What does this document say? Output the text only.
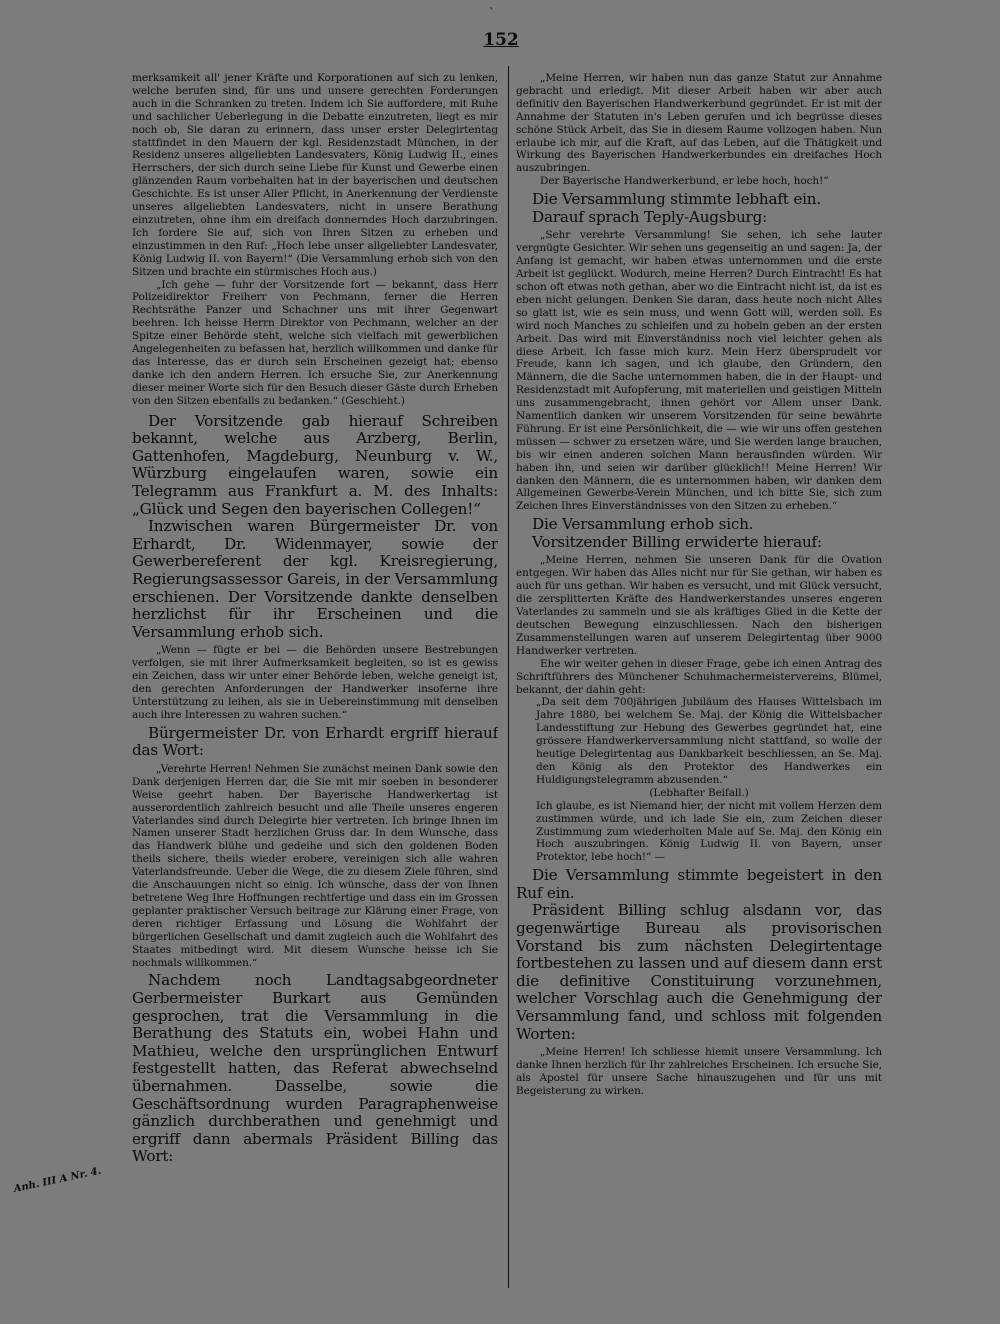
`
152
Anh. III A Nr. 4.

merksamkeit all' jener Kräfte und Korporationen auf sich zu lenken, welche berufen sind, für uns und unsere gerechten Forderungen auch in die Schranken zu treten. Indem ich Sie auffordere, mit Ruhe und sachlicher Ueberlegung in die Debatte einzutreten, liegt es mir noch ob, Sie daran zu erinnern, dass unser erster Delegirtentag stattfindet in den Mauern der kgl. Residenzstadt München, in der Residenz unseres allgeliebten Landesvaters, König Ludwig II., eines Herrschers, der sich durch seine Liebe für Kunst und Gewerbe einen glänzenden Raum vorbehalten hat in der bayerischen und deutschen Geschichte. Es ist unser Aller Pflicht, in Anerkennung der Verdienste unseres allgeliebten Landesvaters, nicht in unsere Berathung einzutreten, ohne ihm ein dreifach donnerndes Hoch darzubringen. Ich fordere Sie auf, sich von Ihren Sitzen zu erheben und einzustimmen in den Ruf: „Hoch lebe unser allgeliebter Landesvater, König Ludwig II. von Bayern!“ (Die Versammlung erhob sich von den Sitzen und brachte ein stürmisches Hoch aus.)

„Ich gehe — fuhr der Vorsitzende fort — bekannt, dass Herr Polizeidirektor Freiherr von Pechmann, ferner die Herren Rechtsräthe Panzer und Schachner uns mit ihrer Gegenwart beehren. Ich heisse Herrn Direktor von Pechmann, welcher an der Spitze einer Behörde steht, welche sich vielfach mit gewerblichen Angelegenheiten zu befassen hat, herzlich willkommen und danke für das Interesse, das er durch sein Erscheinen gezeigt hat; ebenso danke ich den andern Herren. Ich ersuche Sie, zur Anerkennung dieser meiner Worte sich für den Besuch dieser Gäste durch Erheben von den Sitzen ebenfalls zu bedanken.“ (Geschieht.)

Der Vorsitzende gab hierauf Schreiben bekannt, welche aus Arzberg, Berlin, Gattenhofen, Magdeburg, Neunburg v. W., Würzburg eingelaufen waren, sowie ein Telegramm aus Frankfurt a. M. des Inhalts: „Glück und Segen den bayerischen Collegen!“

Inzwischen waren Bürgermeister Dr. von Erhardt, Dr. Widenmayer, sowie der Gewerbereferent der kgl. Kreisregierung, Regierungsassessor Gareis, in der Versammlung erschienen. Der Vorsitzende dankte denselben herzlichst für ihr Erscheinen und die Versammlung erhob sich.

„Wenn — fügte er bei — die Behörden unsere Bestrebungen verfolgen, sie mit ihrer Aufmerksamkeit begleiten, so ist es gewiss ein Zeichen, dass wir unter einer Behörde leben, welche geneigt ist, den gerechten Anforderungen der Handwerker insoferne ihre Unterstützung zu leihen, als sie in Uebereinstimmung mit denselben auch ihre Interessen zu wahren suchen.“

Bürgermeister Dr. von Erhardt ergriff hierauf das Wort:

„Verehrte Herren! Nehmen Sie zunächst meinen Dank sowie den Dank derjenigen Herren dar, die Sie mit mir soeben in besonderer Weise geehrt haben. Der Bayerische Handwerkertag ist ausserordentlich zahlreich besucht und alle Theile unseres engeren Vaterlandes sind durch Delegirte hier vertreten. Ich bringe Ihnen im Namen unserer Stadt herzlichen Gruss dar. In dem Wunsche, dass das Handwerk blühe und gedeihe und sich den goldenen Boden theils sichere, theils wieder erobere, vereinigen sich alle wahren Vaterlandsfreunde. Ueber die Wege, die zu diesem Ziele führen, sind die Anschauungen nicht so einig. Ich wünsche, dass der von Ihnen betretene Weg Ihre Hoffnungen rechtfertige und dass ein im Grossen geplanter praktischer Versuch beitrage zur Klärung einer Frage, von deren richtiger Erfassung und Lösung die Wohlfahrt der bürgerlichen Gesellschaft und damit zugleich auch die Wohlfahrt des Staates mitbedingt wird. Mit diesem Wunsche heisse ich Sie nochmals willkommen.“

Nachdem noch Landtagsabgeordneter Gerbermeister Burkart aus Gemünden gesprochen, trat die Versammlung in die Berathung des Statuts ein, wobei Hahn und Mathieu, welche den ursprünglichen Entwurf festgestellt hatten, das Referat abwechselnd übernahmen. Dasselbe, sowie die Geschäftsordnung wurden Paragraphenweise gänzlich durchberathen und genehmigt und ergriff dann abermals Präsident Billing das Wort:

„Meine Herren, wir haben nun das ganze Statut zur Annahme gebracht und erledigt. Mit dieser Arbeit haben wir aber auch definitiv den Bayerischen Handwerkerbund gegründet. Er ist mit der Annahme der Statuten in's Leben gerufen und ich begrüsse dieses schöne Stück Arbeit, das Sie in diesem Raume vollzogen haben. Nun erlaube ich mir, auf die Kraft, auf das Leben, auf die Thätigkeit und Wirkung des Bayerischen Handwerkerbundes ein dreifaches Hoch auszubringen.

Der Bayerische Handwerkerbund, er lebe hoch, hoch!“

Die Versammlung stimmte lebhaft ein.

Darauf sprach Teply-Augsburg:

„Sehr verehrte Versammlung! Sie sehen, ich sehe lauter vergnügte Gesichter. Wir sehen uns gegenseitig an und sagen: Ja, der Anfang ist gemacht, wir haben etwas unternommen und die erste Arbeit ist geglückt. Wodurch, meine Herren? Durch Eintracht! Es hat schon oft etwas noth gethan, aber wo die Eintracht nicht ist, da ist es eben nicht gelungen. Denken Sie daran, dass heute noch nicht Alles so glatt ist, wie es sein muss, und wenn Gott will, werden soll. Es wird noch Manches zu schleifen und zu hobeln geben an der ersten Arbeit. Das wird mit Einverständniss noch viel leichter gehen als diese Arbeit. Ich fasse mich kurz. Mein Herz übersprudelt vor Freude, kann ich sagen, und ich glaube, den Gründern, den Männern, die die Sache unternommen haben, die in der Haupt- und Residenzstadt mit Aufopferung, mit materiellen und geistigen Mitteln uns zusammengebracht, ihnen gehört vor Allem unser Dank. Namentlich danken wir unserem Vorsitzenden für seine bewährte Führung. Er ist eine Persönlichkeit, die — wie wir uns offen gestehen müssen — schwer zu ersetzen wäre, und Sie werden lange brauchen, bis wir einen anderen solchen Mann herausfinden würden. Wir haben ihn, und seien wir darüber glücklich!! Meine Herren! Wir danken den Männern, die es unternommen haben, wir danken dem Allgemeinen Gewerbe-Verein München, und ich bitte Sie, sich zum Zeichen Ihres Einverständnisses von den Sitzen zu erheben.“

Die Versammlung erhob sich.

Vorsitzender Billing erwiderte hierauf:

„Meine Herren, nehmen Sie unseren Dank für die Ovation entgegen. Wir haben das Alles nicht nur für Sie gethan, wir haben es auch für uns gethan. Wir haben es versucht, und mit Glück versucht, die zersplitterten Kräfte des Handwerkerstandes unseres engeren Vaterlandes zu sammeln und sie als kräftiges Glied in die Kette der deutschen Bewegung einzuschliessen. Nach den bisherigen Zusammenstellungen waren auf unserem Delegirtentag über 9000 Handwerker vertreten.

Ehe wir weiter gehen in dieser Frage, gebe ich einen Antrag des Schriftführers des Münchener Schuhmachermeistervereins, Blümel, bekannt, der dahin geht:

„Da seit dem 700jährigen Jubiläum des Hauses Wittelsbach im Jahre 1880, bei welchem Se. Maj. der König die Wittelsbacher Landesstiftung zur Hebung des Gewerbes gegründet hat, eine grössere Handwerkerversammlung nicht stattfand, so wolle der heutige Delegirtentag aus Dankbarkeit beschliessen, an Se. Maj. den König als den Protektor des Handwerkes ein Huldigungstelegramm abzusenden.“

(Lebhafter Beifall.)

Ich glaube, es ist Niemand hier, der nicht mit vollem Herzen dem zustimmen würde, und ich lade Sie ein, zum Zeichen dieser Zustimmung zum wiederholten Male auf Se. Maj. den König ein Hoch auszubringen. König Ludwig II. von Bayern, unser Protektor, lebe hoch!“ —

Die Versammlung stimmte begeistert in den Ruf ein.

Präsident Billing schlug alsdann vor, das gegenwärtige Bureau als provisorischen Vorstand bis zum nächsten Delegirtentage fortbestehen zu lassen und auf diesem dann erst die definitive Constituirung vorzunehmen, welcher Vorschlag auch die Genehmigung der Versammlung fand, und schloss mit folgenden Worten:

„Meine Herren! Ich schliesse hiemit unsere Versammlung. Ich danke Ihnen herzlich für Ihr zahlreiches Erscheinen. Ich ersuche Sie, als Apostel für unsere Sache hinauszugehen und für uns mit Begeisterung zu wirken.
